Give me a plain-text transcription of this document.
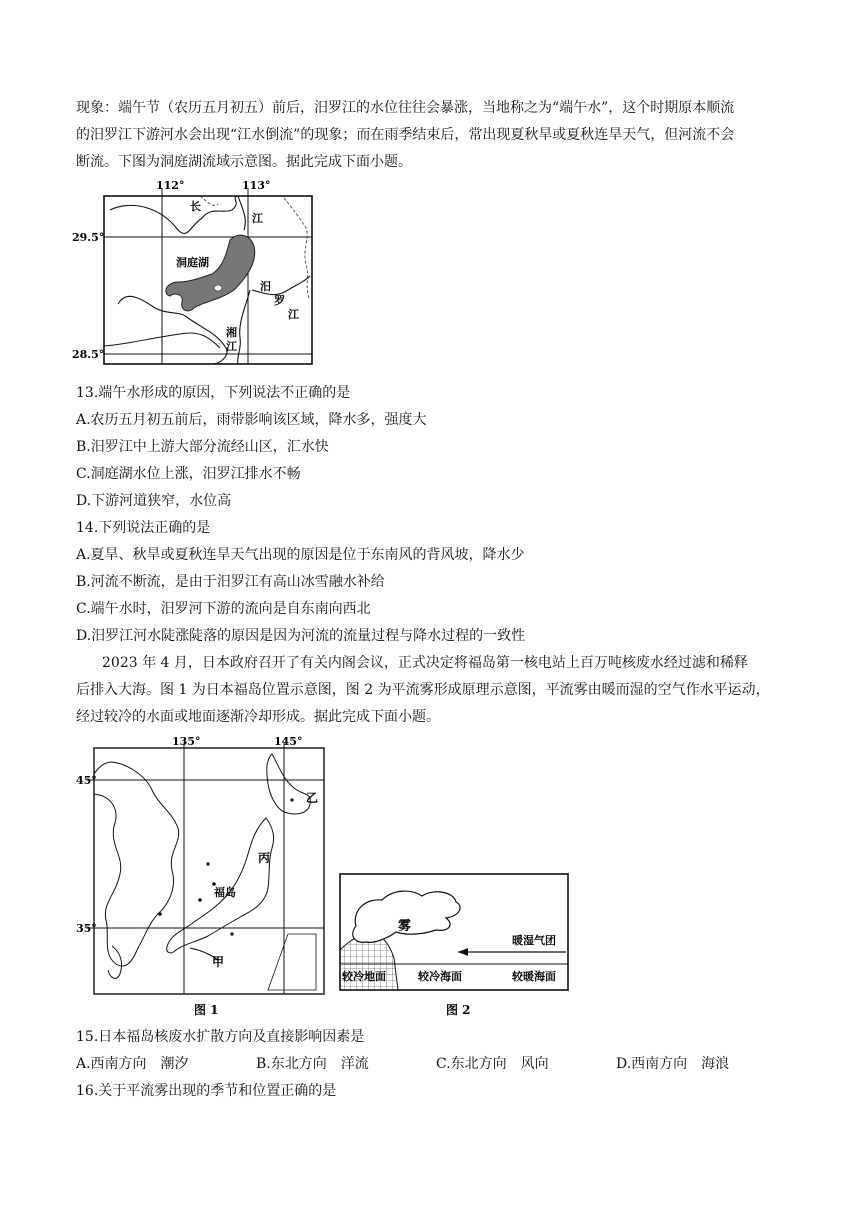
现象：端午节（农历五月初五）前后，汨罗江的水位往往会暴涨，当地称之为“端午水”，这个时期原本顺流
的汨罗江下游河水会出现“江水倒流”的现象；而在雨季结束后，常出现夏秋旱或夏秋连旱天气，但河流不会
断流。下图为洞庭湖流域示意图。据此完成下面小题。
112°	113°
29.5°
28.5°
长
江
洞庭湖
汨
罗
江
湘
江
13.端午水形成的原因，下列说法不正确的是
A.农历五月初五前后，雨带影响该区域，降水多，强度大
B.汨罗江中上游大部分流经山区，汇水快
C.洞庭湖水位上涨，汨罗江排水不畅
D.下游河道狭窄，水位高
14.下列说法正确的是
A.夏旱、秋旱或夏秋连旱天气出现的原因是位于东南风的背风坡，降水少
B.河流不断流，是由于汨罗江有高山冰雪融水补给
C.端午水时，汨罗河下游的流向是自东南向西北
D.汨罗江河水陡涨陡落的原因是因为河流的流量过程与降水过程的一致性
2023 年 4 月，日本政府召开了有关内阁会议，正式决定将福岛第一核电站上百万吨核废水经过滤和稀释
后排入大海。图 1 为日本福岛位置示意图，图 2 为平流雾形成原理示意图，平流雾由暖而湿的空气作水平运动，
经过较冷的水面或地面逐渐冷却形成。据此完成下面小题。
135°	145°
45°
35°
乙
丙
福岛
甲
图 1
雾
暖湿气团
较冷地面	较冷海面	较暖海面
图 2
15.日本福岛核废水扩散方向及直接影响因素是
A.西南方向　潮汐	B.东北方向　洋流	C.东北方向　风向	D.西南方向　海浪
16.关于平流雾出现的季节和位置正确的是
